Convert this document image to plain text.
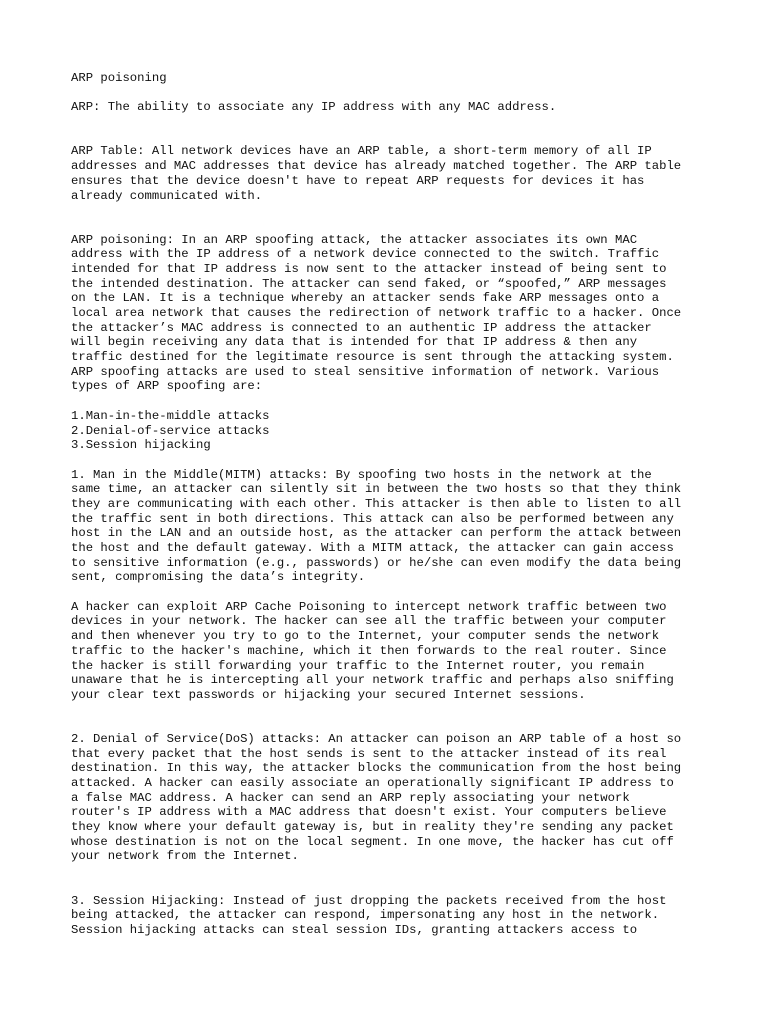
ARP poisoning
ARP: The ability to associate any IP address with any MAC address.
ARP Table: All network devices have an ARP table, a short-term memory of all IP
addresses and MAC addresses that device has already matched together. The ARP table
ensures that the device doesn't have to repeat ARP requests for devices it has
already communicated with.
ARP poisoning: In an ARP spoofing attack, the attacker associates its own MAC
address with the IP address of a network device connected to the switch. Traffic
intended for that IP address is now sent to the attacker instead of being sent to
the intended destination. The attacker can send faked, or “spoofed,” ARP messages
on the LAN. It is a technique whereby an attacker sends fake ARP messages onto a
local area network that causes the redirection of network traffic to a hacker. Once
the attacker’s MAC address is connected to an authentic IP address the attacker
will begin receiving any data that is intended for that IP address & then any
traffic destined for the legitimate resource is sent through the attacking system.
ARP spoofing attacks are used to steal sensitive information of network. Various
types of ARP spoofing are:
1.Man-in-the-middle attacks
2.Denial-of-service attacks
3.Session hijacking
1. Man in the Middle(MITM) attacks: By spoofing two hosts in the network at the
same time, an attacker can silently sit in between the two hosts so that they think
they are communicating with each other. This attacker is then able to listen to all
the traffic sent in both directions. This attack can also be performed between any
host in the LAN and an outside host, as the attacker can perform the attack between
the host and the default gateway. With a MITM attack, the attacker can gain access
to sensitive information (e.g., passwords) or he/she can even modify the data being
sent, compromising the data’s integrity.
A hacker can exploit ARP Cache Poisoning to intercept network traffic between two
devices in your network. The hacker can see all the traffic between your computer
and then whenever you try to go to the Internet, your computer sends the network
traffic to the hacker's machine, which it then forwards to the real router. Since
the hacker is still forwarding your traffic to the Internet router, you remain
unaware that he is intercepting all your network traffic and perhaps also sniffing
your clear text passwords or hijacking your secured Internet sessions.
2. Denial of Service(DoS) attacks: An attacker can poison an ARP table of a host so
that every packet that the host sends is sent to the attacker instead of its real
destination. In this way, the attacker blocks the communication from the host being
attacked. A hacker can easily associate an operationally significant IP address to
a false MAC address. A hacker can send an ARP reply associating your network
router's IP address with a MAC address that doesn't exist. Your computers believe
they know where your default gateway is, but in reality they're sending any packet
whose destination is not on the local segment. In one move, the hacker has cut off
your network from the Internet.
3. Session Hijacking: Instead of just dropping the packets received from the host
being attacked, the attacker can respond, impersonating any host in the network.
Session hijacking attacks can steal session IDs, granting attackers access to
